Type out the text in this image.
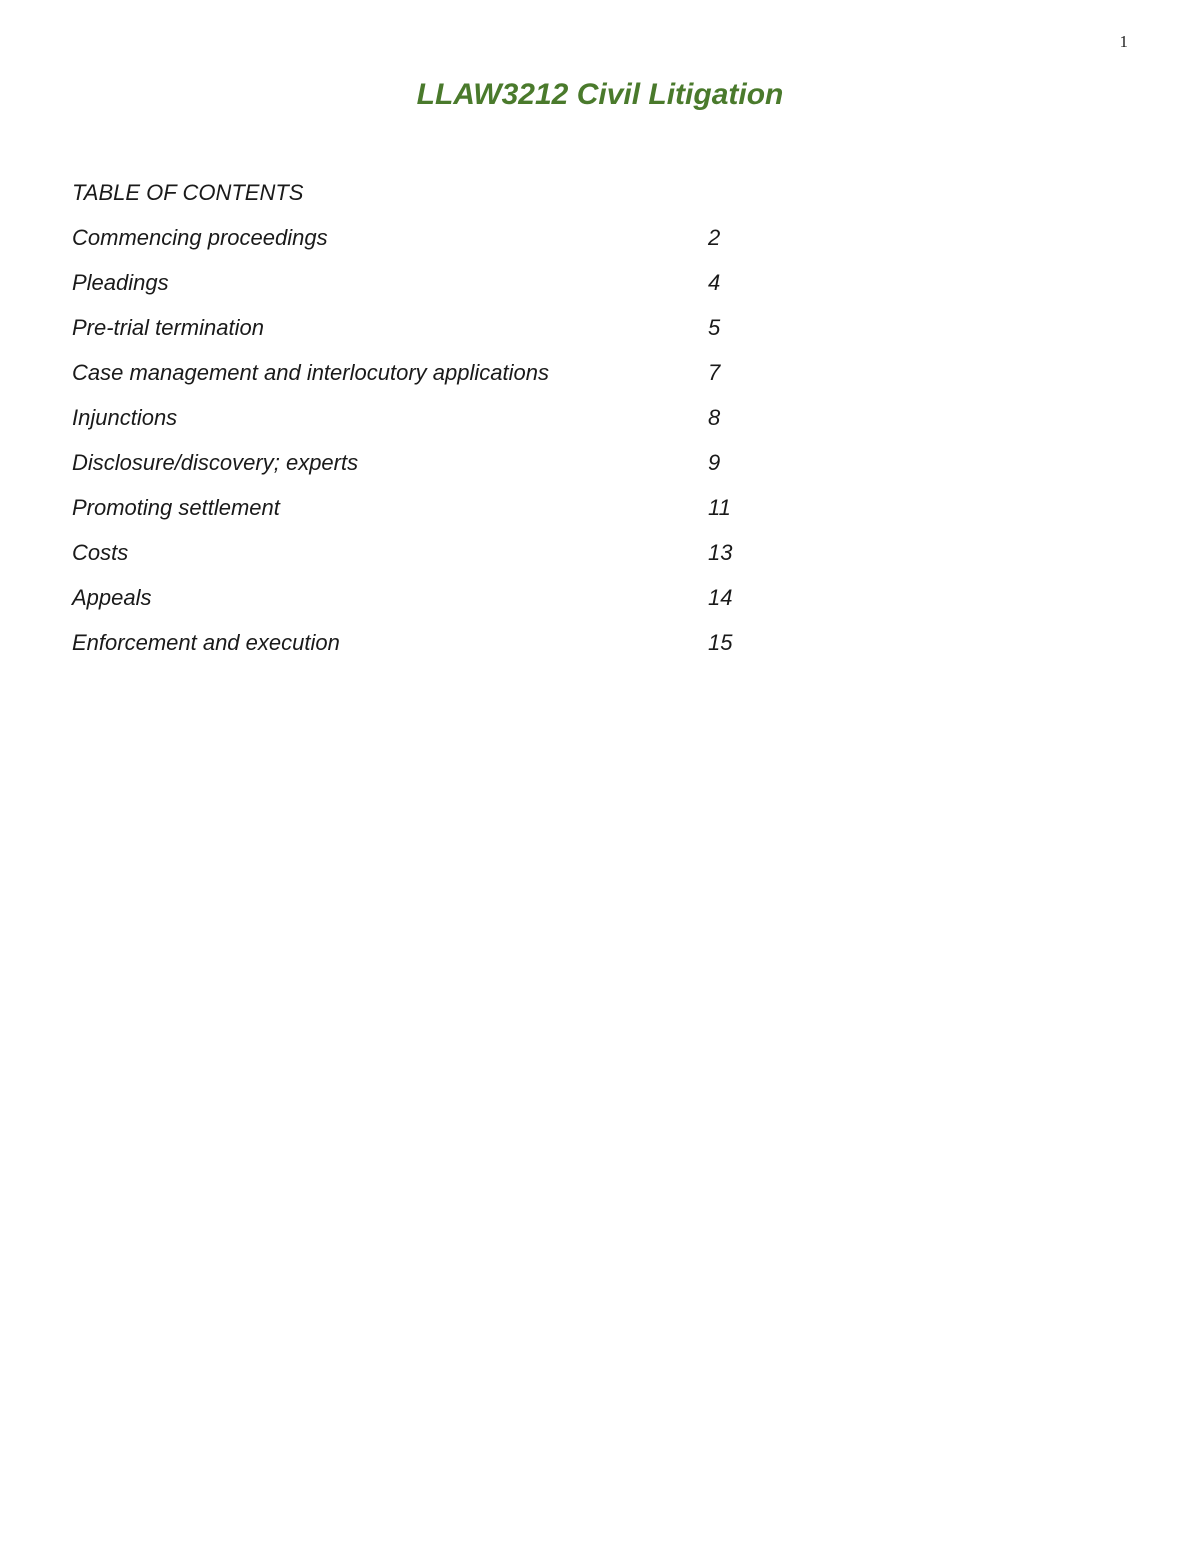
1
LLAW3212 Civil Litigation
TABLE OF CONTENTS
Commencing proceedings	2
Pleadings	4
Pre-trial termination	5
Case management and interlocutory applications	7
Injunctions	8
Disclosure/discovery; experts	9
Promoting settlement	11
Costs	13
Appeals	14
Enforcement and execution	15
